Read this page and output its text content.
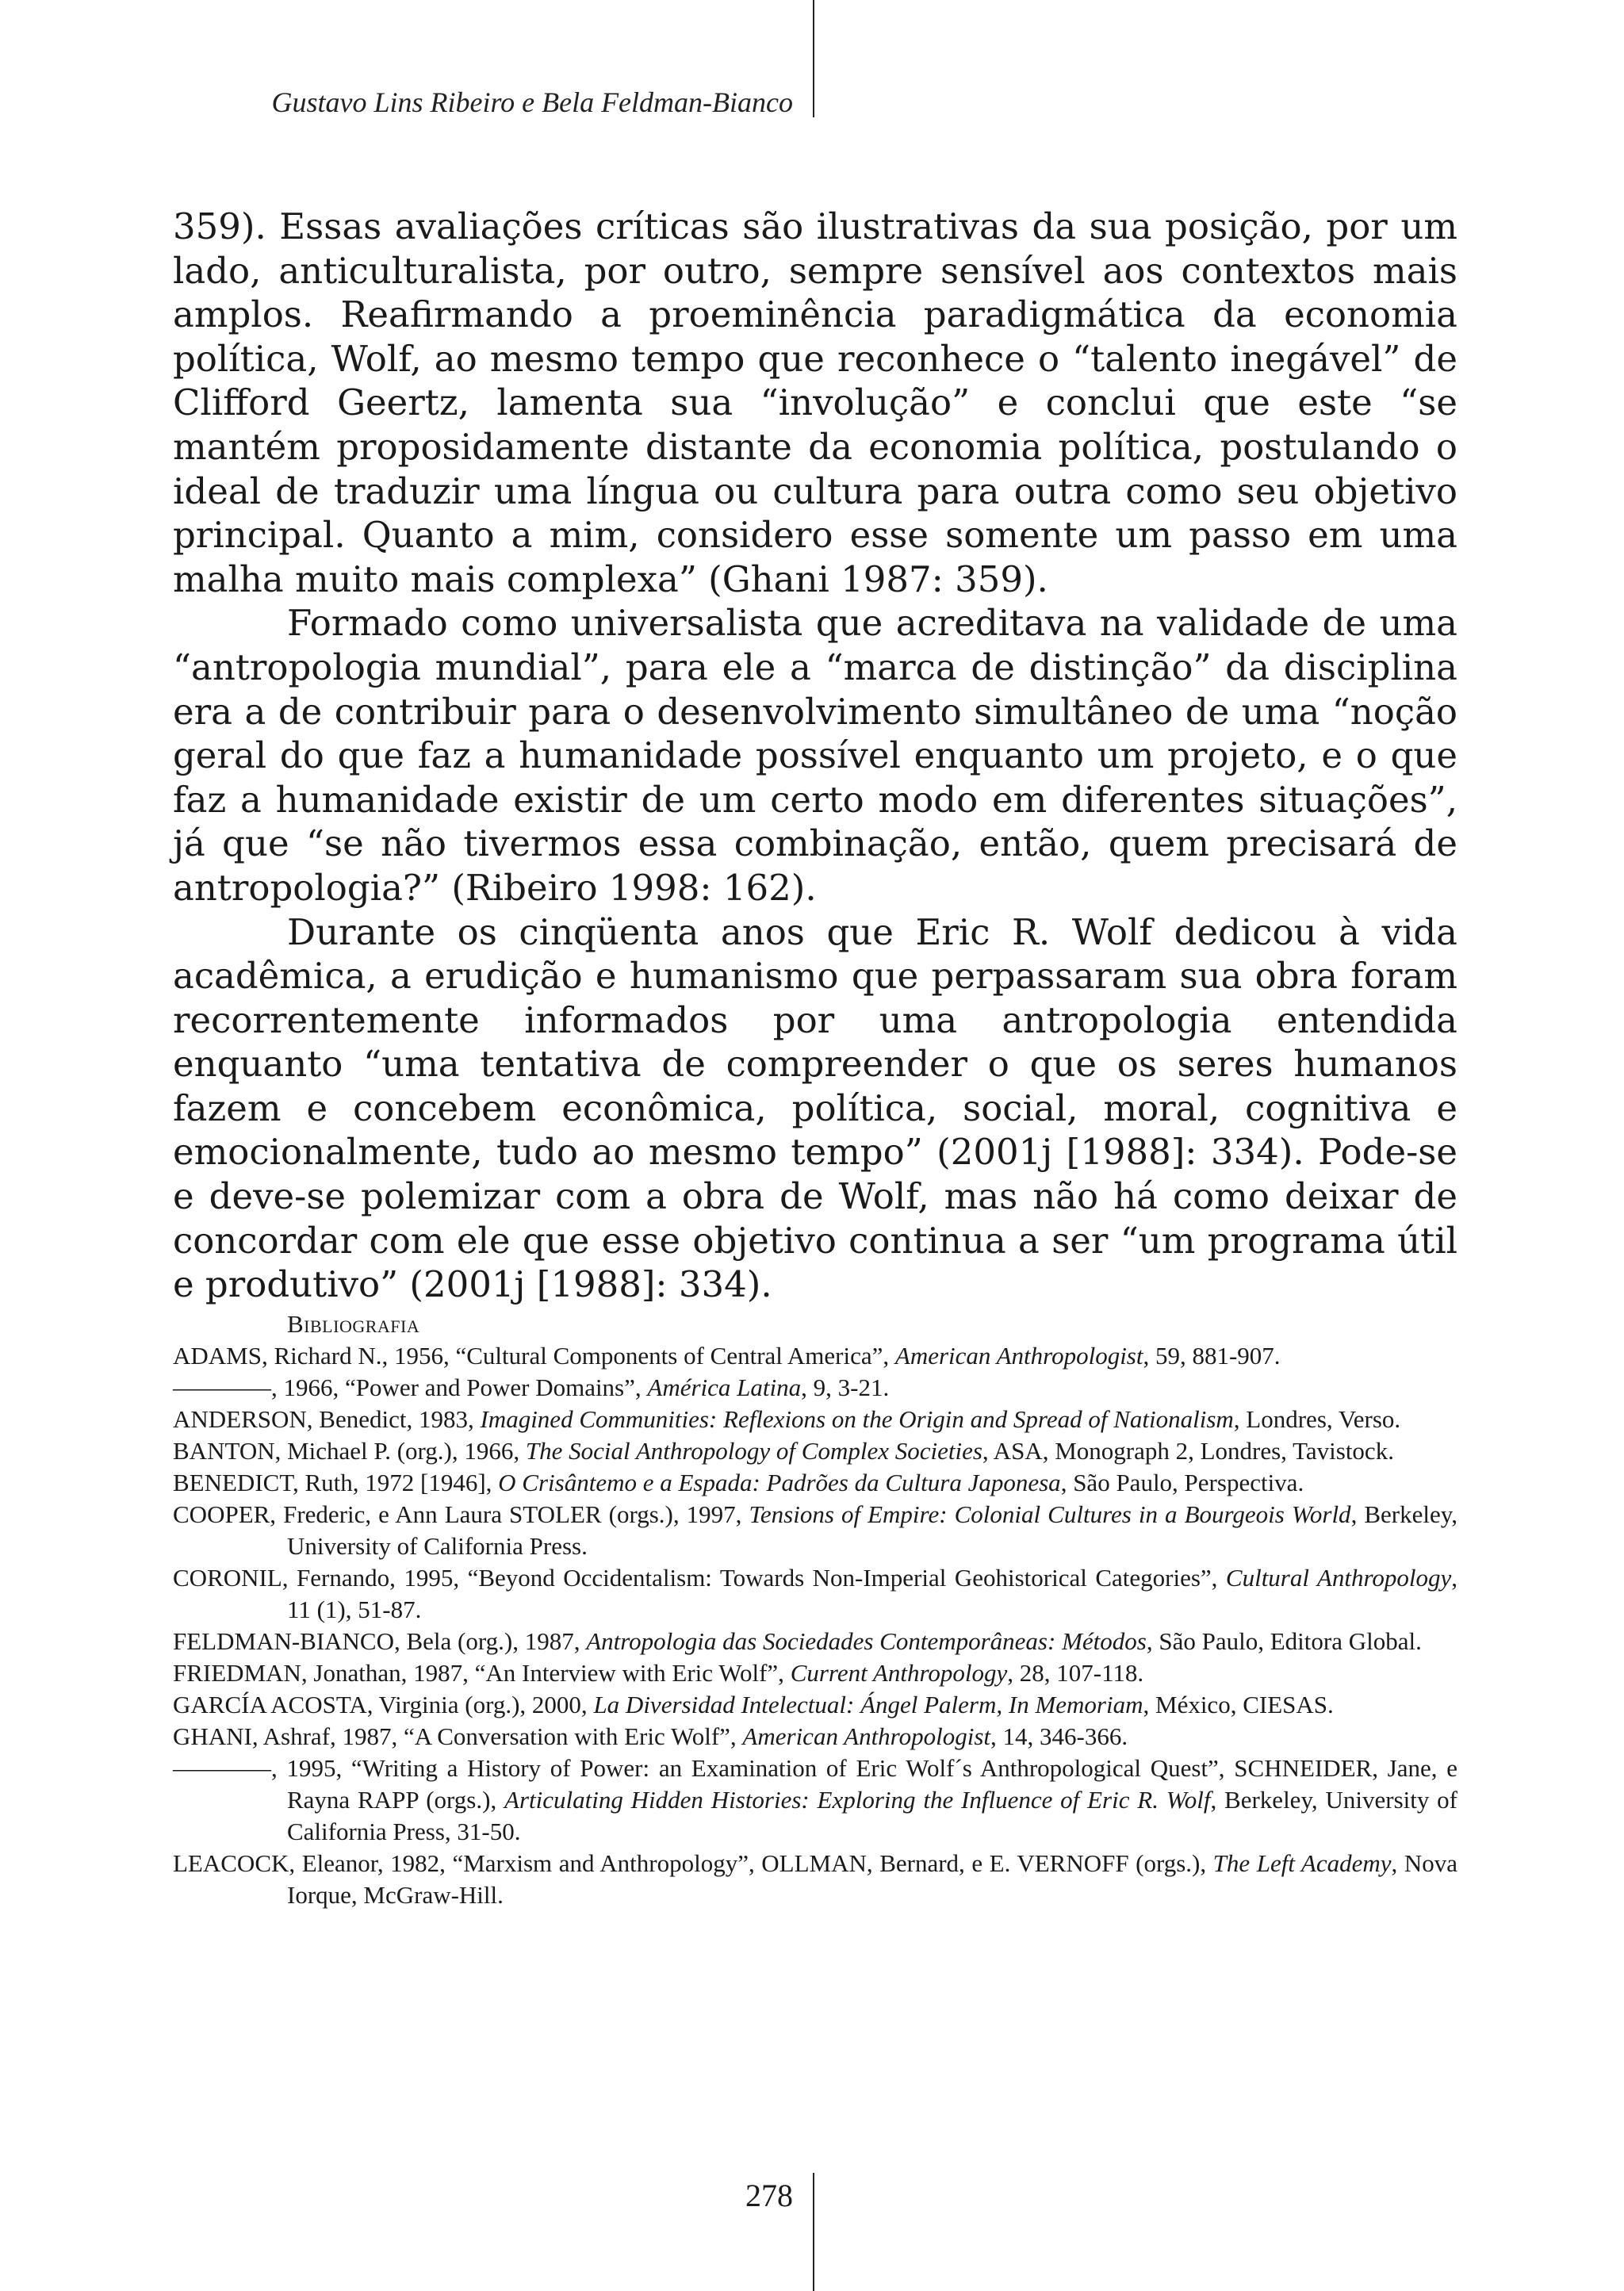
Gustavo Lins Ribeiro e Bela Feldman-Bianco

359). Essas avaliações críticas são ilustrativas da sua posição, por um lado, anticulturalista, por outro, sempre sensível aos contextos mais amplos. Reafirmando a proeminência paradigmática da economia política, Wolf, ao mesmo tempo que reconhece o “talento inegável” de Clifford Geertz, lamenta sua “involução” e conclui que este “se mantém proposidamente distante da economia política, postulando o ideal de traduzir uma língua ou cultura para outra como seu objetivo principal. Quanto a mim, considero esse somente um passo em uma malha muito mais complexa” (Ghani 1987: 359).

Formado como universalista que acreditava na validade de uma “antropologia mundial”, para ele a “marca de distinção” da disciplina era a de contribuir para o desenvolvimento simultâneo de uma “noção geral do que faz a humanidade possível enquanto um projeto, e o que faz a humanidade existir de um certo modo em diferentes situações”, já que “se não tivermos essa combinação, então, quem precisará de antropologia?” (Ribeiro 1998: 162).

Durante os cinqüenta anos que Eric R. Wolf dedicou à vida acadêmica, a erudição e humanismo que perpassaram sua obra foram recorrentemente informados por uma antropologia entendida enquanto “uma tentativa de compreender o que os seres humanos fazem e concebem econômica, política, social, moral, cognitiva e emocionalmente, tudo ao mesmo tempo” (2001j [1988]: 334). Pode-se e deve-se polemizar com a obra de Wolf, mas não há como deixar de concordar com ele que esse objetivo continua a ser “um programa útil e produtivo” (2001j [1988]: 334).

Bibliografia

ADAMS, Richard N., 1956, “Cultural Components of Central America”, American Anthropologist, 59, 881-907.

————, 1966, “Power and Power Domains”, América Latina, 9, 3-21.

ANDERSON, Benedict, 1983, Imagined Communities: Reflexions on the Origin and Spread of Nationalism, Londres, Verso.

BANTON, Michael P. (org.), 1966, The Social Anthropology of Complex Societies, ASA, Monograph 2, Londres, Tavistock.

BENEDICT, Ruth, 1972 [1946], O Crisântemo e a Espada: Padrões da Cultura Japonesa, São Paulo, Perspectiva.

COOPER, Frederic, e Ann Laura STOLER (orgs.), 1997, Tensions of Empire: Colonial Cultures in a Bourgeois World, Berkeley, University of California Press.

CORONIL, Fernando, 1995, “Beyond Occidentalism: Towards Non-Imperial Geohistorical Categories”, Cultural Anthropology, 11 (1), 51-87.

FELDMAN-BIANCO, Bela (org.), 1987, Antropologia das Sociedades Contemporâneas: Métodos, São Paulo, Editora Global.

FRIEDMAN, Jonathan, 1987, “An Interview with Eric Wolf”, Current Anthropology, 28, 107-118.

GARCÍA ACOSTA, Virginia (org.), 2000, La Diversidad Intelectual: Ángel Palerm, In Memoriam, México, CIESAS.

GHANI, Ashraf, 1987, “A Conversation with Eric Wolf”, American Anthropologist, 14, 346-366.

————, 1995, “Writing a History of Power: an Examination of Eric Wolf´s Anthropological Quest”, SCHNEIDER, Jane, e Rayna RAPP (orgs.), Articulating Hidden Histories: Exploring the Influence of Eric R. Wolf, Berkeley, University of California Press, 31-50.

LEACOCK, Eleanor, 1982, “Marxism and Anthropology”, OLLMAN, Bernard, e E. VERNOFF (orgs.), The Left Academy, Nova Iorque, McGraw-Hill.

278
